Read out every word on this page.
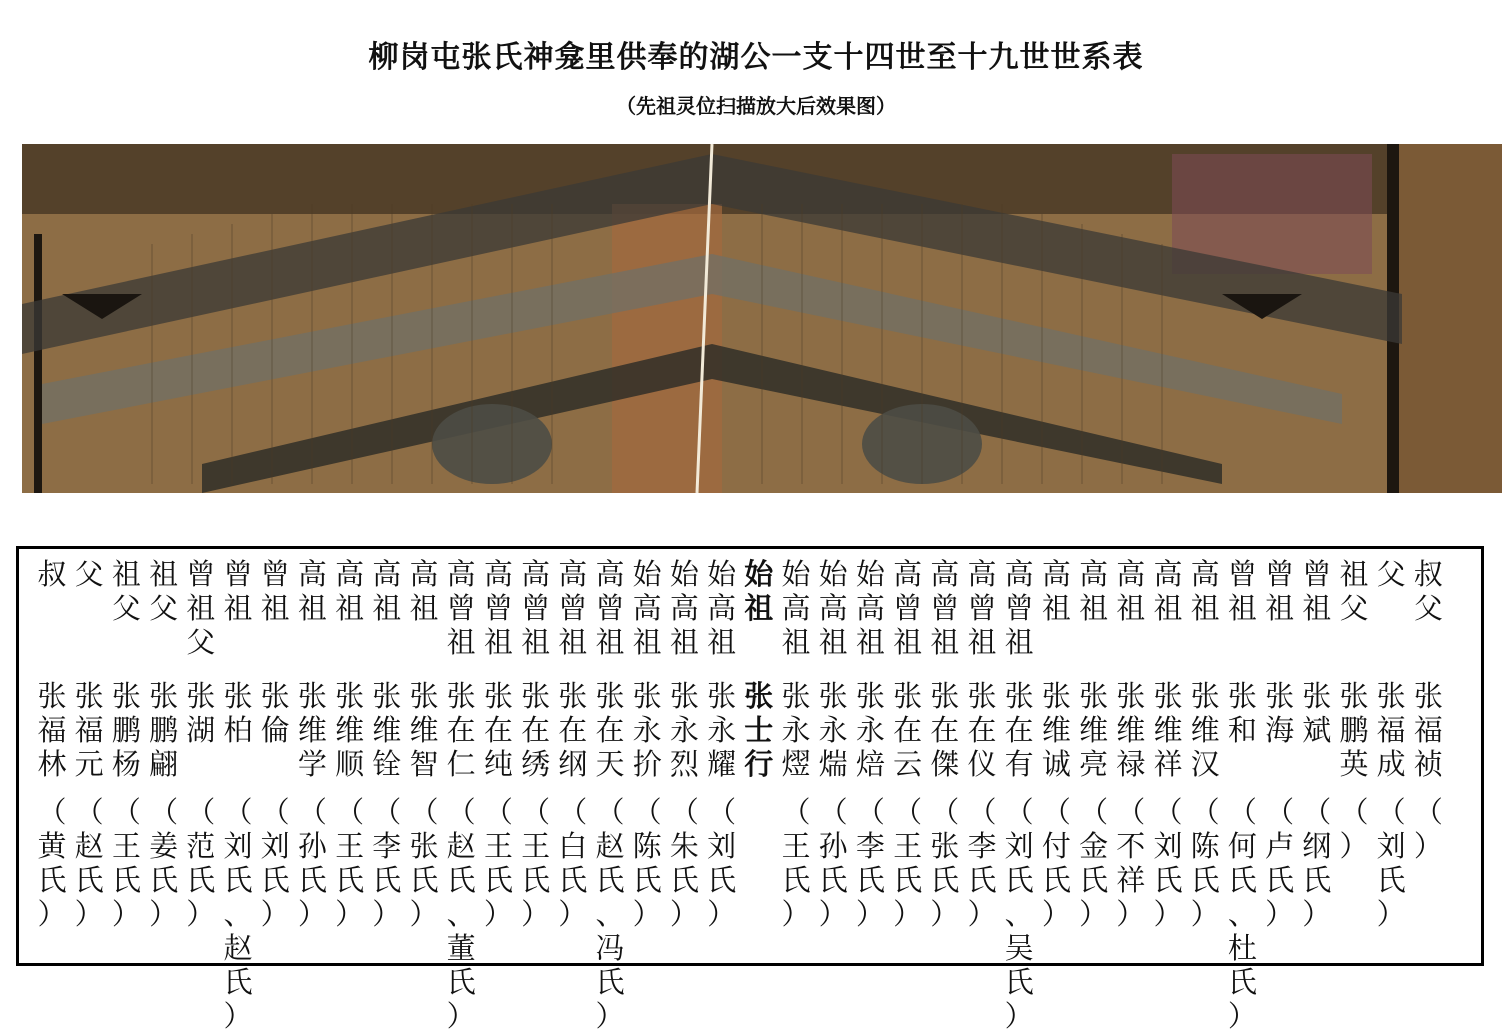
柳岗屯张氏神龛里供奉的湖公一支十四世至十九世世系表
（先祖灵位扫描放大后效果图）
叔
张
福
林
（
黄
氏
）
父
张
福
元
（
赵
氏
）
祖
父
张
鹏
杨
（
王
氏
）
祖
父
张
鹏
翩
（
姜
氏
）
曾
祖
父
张
湖
（
范
氏
）
曾
祖
张
柏
（
刘
氏
、
赵
氏
）
曾
祖
张
倫
（
刘
氏
）
高
祖
张
维
学
（
孙
氏
）
高
祖
张
维
顺
（
王
氏
）
高
祖
张
维
铨
（
李
氏
）
高
祖
张
维
智
（
张
氏
）
高
曾
祖
张
在
仁
（
赵
氏
、
董
氏
）
高
曾
祖
张
在
纯
（
王
氏
）
高
曾
祖
张
在
绣
（
王
氏
）
高
曾
祖
张
在
纲
（
白
氏
）
高
曾
祖
张
在
天
（
赵
氏
、
冯
氏
）
始
高
祖
张
永
扴
（
陈
氏
）
始
高
祖
张
永
烈
（
朱
氏
）
始
高
祖
张
永
耀
（
刘
氏
）
始
祖
张
士
行
始
高
祖
张
永
熤
（
王
氏
）
始
高
祖
张
永
煓
（
孙
氏
）
始
高
祖
张
永
焙
（
李
氏
）
高
曾
祖
张
在
云
（
王
氏
）
高
曾
祖
张
在
傑
（
张
氏
）
高
曾
祖
张
在
仪
（
李
氏
）
高
曾
祖
张
在
有
（
刘
氏
、
吴
氏
）
高
祖
张
维
诚
（
付
氏
）
高
祖
张
维
亮
（
金
氏
）
高
祖
张
维
禄
（
不
祥
）
高
祖
张
维
祥
（
刘
氏
）
高
祖
张
维
汉
（
陈
氏
）
曾
祖
张
和
（
何
氏
、
杜
氏
）
曾
祖
张
海
（
卢
氏
）
曾
祖
张
斌
（
纲
氏
）
祖
父
张
鹏
英
（
）
父
张
福
成
（
刘
氏
）
叔
父
张
福
祯
（
）
